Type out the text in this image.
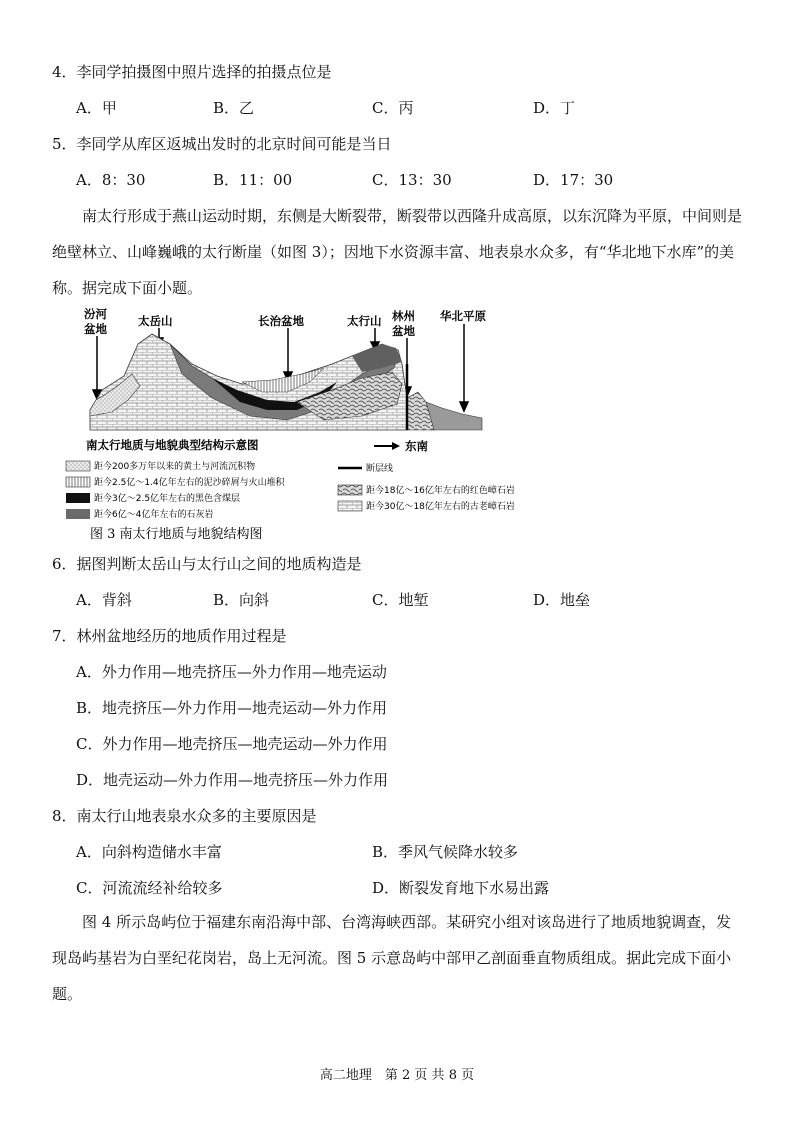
4．李同学拍摄图中照片选择的拍摄点位是
A．甲	B．乙	C．丙	D．丁
5．李同学从库区返城出发时的北京时间可能是当日
A．8：30	B．11：00	C．13：30	D．17：30
南太行形成于燕山运动时期，东侧是大断裂带，断裂带以西隆升成高原，以东沉降为平原，中间则是绝壁林立、山峰巍峨的太行断崖（如图 3）；因地下水资源丰富、地表泉水众多，有“华北地下水库”的美称。据完成下面小题。
汾河
盆地
太岳山	长治盆地	太行山 林州
盆地
华北平原
南太行地质与地貌典型结构示意图	东南
距今200多万年以来的黄土与河流沉积物
距今2.5亿～1.4亿年左右的泥沙碎屑与火山堆积
距今3亿～2.5亿年左右的黑色含煤层
距今6亿～4亿年左右的石灰岩
断层线
距今18亿～16亿年左右的红色嶂石岩
距今30亿～18亿年左右的古老嶂石岩
图 3 南太行地质与地貌结构图
6．据图判断太岳山与太行山之间的地质构造是
A．背斜	B．向斜	C．地堑	D．地垒
7．林州盆地经历的地质作用过程是
A．外力作用—地壳挤压—外力作用—地壳运动
B．地壳挤压—外力作用—地壳运动—外力作用
C．外力作用—地壳挤压—地壳运动—外力作用
D．地壳运动—外力作用—地壳挤压—外力作用
8．南太行山地表泉水众多的主要原因是
A．向斜构造储水丰富	B．季风气候降水较多
C．河流流经补给较多	D．断裂发育地下水易出露
图 4 所示岛屿位于福建东南沿海中部、台湾海峡西部。某研究小组对该岛进行了地质地貌调查，发现岛屿基岩为白垩纪花岗岩，岛上无河流。图 5 示意岛屿中部甲乙剖面垂直物质组成。据此完成下面小题。
高二地理　第 2 页 共 8 页
